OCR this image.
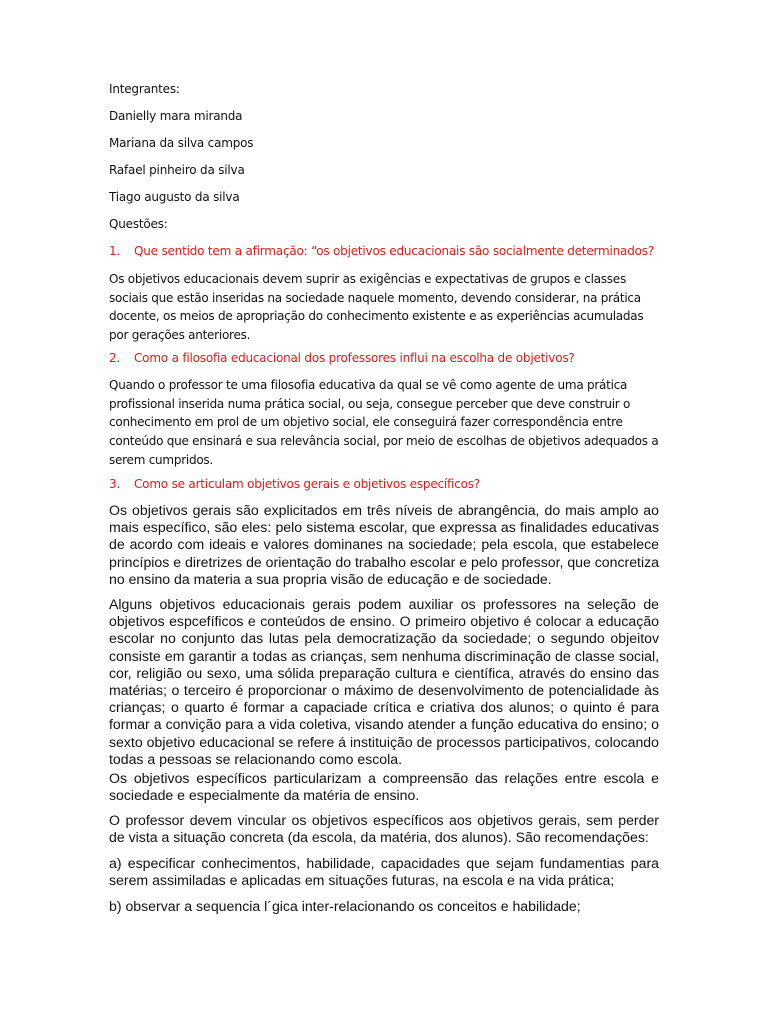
Integrantes:

Danielly mara miranda

Mariana da silva campos

Rafael pinheiro da silva

Tiago augusto da silva

Questões:

1. Que sentido tem a afirmação: “os objetivos educacionais são socialmente determinados?

Os objetivos educacionais devem suprir as exigências e expectativas de grupos e classes sociais que estão inseridas na sociedade naquele momento, devendo considerar, na prática docente, os meios de apropriação do conhecimento existente e as experiências acumuladas por gerações anteriores.

2. Como a filosofia educacional dos professores influi na escolha de objetivos?

Quando o professor te uma filosofia educativa da qual se vê como agente de uma prática profissional inserida numa prática social, ou seja, consegue perceber que deve construir o conhecimento em prol de um objetivo social, ele conseguirá fazer correspondência entre conteúdo que ensinará e sua relevância social, por meio de escolhas de objetivos adequados a serem cumpridos.

3. Como se articulam objetivos gerais e objetivos específicos?

Os objetivos gerais são explicitados em três níveis de abrangência, do mais amplo ao mais específico, são eles: pelo sistema escolar, que expressa as finalidades educativas de acordo com ideais e valores dominanes na sociedade; pela escola, que estabelece princípios e diretrizes de orientação do trabalho escolar e pelo professor, que concretiza no ensino da materia a sua propria visão de educação e de sociedade.

Alguns objetivos educacionais gerais podem auxiliar os professores na seleção de objetivos espcefíficos e conteúdos de ensino. O primeiro objetivo é colocar a educação escolar no conjunto das lutas pela democratização da sociedade; o segundo objeitov consiste em garantir a todas as crianças, sem nenhuma discriminação de classe social, cor, religião ou sexo, uma sólida preparação cultura e científica, através do ensino das matérias; o terceiro é proporcionar o máximo de desenvolvimento de potencialidade às crianças; o quarto é formar a capaciade crítica e criativa dos alunos; o quinto é para formar a convição para a vida coletiva, visando atender a função educativa do ensino; o sexto objetivo educacional se refere á instituição de processos participativos, colocando todas a pessoas se relacionando como escola.

Os objetivos específicos particularizam a compreensão das relações entre escola e sociedade e especialmente da matéria de ensino.

O professor devem vincular os objetivos específicos aos objetivos gerais, sem perder de vista a situação concreta (da escola, da matéria, dos alunos). São recomendações:

a) especificar conhecimentos, habilidade, capacidades que sejam fundamentias para serem assimiladas e aplicadas em situações futuras, na escola e na vida prática;

b) observar a sequencia l´gica inter-relacionando os conceitos e habilidade;
